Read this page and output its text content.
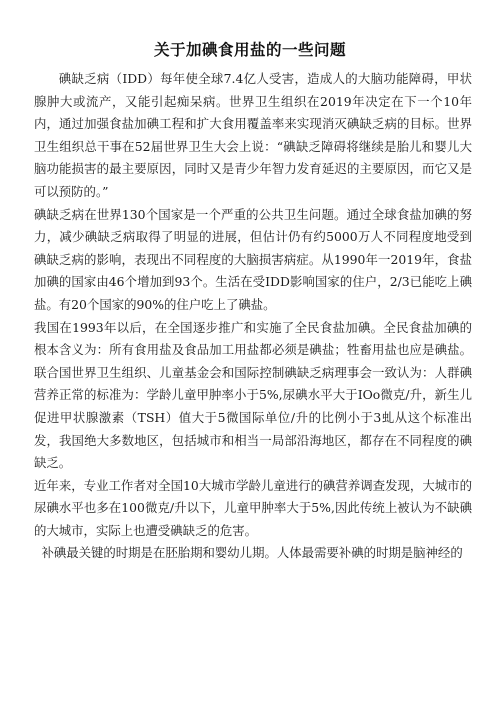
关于加碘食用盐的一些问题

碘缺乏病（IDD）每年使全球7.4亿人受害，造成人的大脑功能障碍，甲状腺肿大或流产，又能引起痴呆病。世界卫生组织在2019年决定在下一个10年内，通过加强食盐加碘工程和扩大食用覆盖率来实现消灭碘缺乏病的目标。世界卫生组织总干事在52届世界卫生大会上说：“碘缺乏障碍将继续是胎儿和婴儿大脑功能损害的最主要原因，同时又是青少年智力发育延迟的主要原因，而它又是可以预防的。”

碘缺乏病在世界130个国家是一个严重的公共卫生问题。通过全球食盐加碘的努力，减少碘缺乏病取得了明显的进展，但估计仍有约5000万人不同程度地受到碘缺乏病的影响，表现出不同程度的大脑损害病症。从1990年一2019年，食盐加碘的国家由46个增加到93个。生活在受IDD影响国家的住户，2/3已能吃上碘盐。有20个国家的90%的住户吃上了碘盐。

我国在1993年以后，在全国逐步推广和实施了全民食盐加碘。全民食盐加碘的根本含义为：所有食用盐及食品加工用盐都必须是碘盐；牲畜用盐也应是碘盐。联合国世界卫生组织、儿童基金会和国际控制碘缺乏病理事会一致认为：人群碘营养正常的标准为：学龄儿童甲肿率小于5%,尿碘水平大于IOo微克/升，新生儿促进甲状腺激素（TSH）值大于5微国际单位/升的比例小于3虬从这个标准出发，我国绝大多数地区，包括城市和相当一局部沿海地区，都存在不同程度的碘缺乏。

近年来，专业工作者对全国10大城市学龄儿童进行的碘营养调查发现，大城市的尿碘水平也多在100微克/升以下，儿童甲肿率大于5%,因此传统上被认为不缺碘的大城市，实际上也遭受碘缺乏的危害。

补碘最关键的时期是在胚胎期和婴幼儿期。人体最需要补碘的时期是脑神经的
